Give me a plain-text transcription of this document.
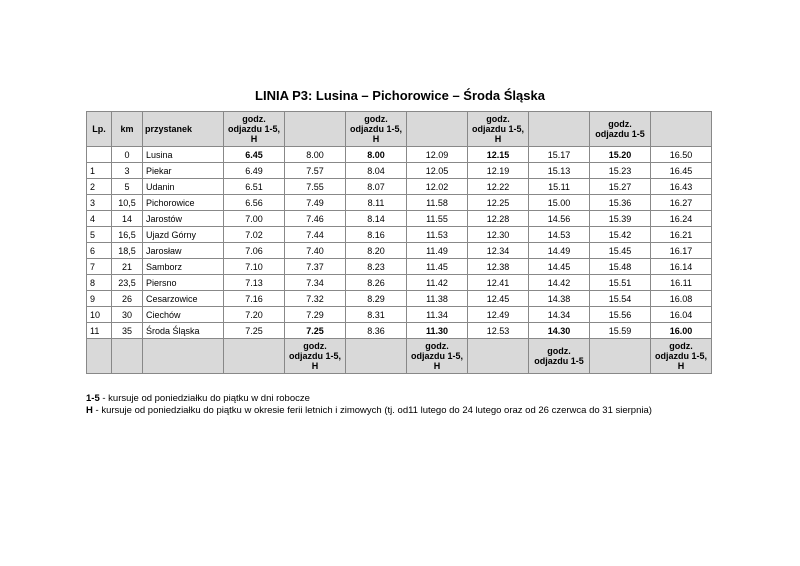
LINIA P3: Lusina – Pichorowice – Środa Śląska
Lp.	km	przystanek	godz. odjazdu 1-5, H		godz. odjazdu 1-5, H		godz. odjazdu 1-5, H		godz. odjazdu 1-5	
	0	Lusina	6.45	8.00	8.00	12.09	12.15	15.17	15.20	16.50
1	3	Piekar	6.49	7.57	8.04	12.05	12.19	15.13	15.23	16.45
2	5	Udanin	6.51	7.55	8.07	12.02	12.22	15.11	15.27	16.43
3	10,5	Pichorowice	6.56	7.49	8.11	11.58	12.25	15.00	15.36	16.27
4	14	Jarostów	7.00	7.46	8.14	11.55	12.28	14.56	15.39	16.24
5	16,5	Ujazd Górny	7.02	7.44	8.16	11.53	12.30	14.53	15.42	16.21
6	18,5	Jarosław	7.06	7.40	8.20	11.49	12.34	14.49	15.45	16.17
7	21	Samborz	7.10	7.37	8.23	11.45	12.38	14.45	15.48	16.14
8	23,5	Piersno	7.13	7.34	8.26	11.42	12.41	14.42	15.51	16.11
9	26	Cesarzowice	7.16	7.32	8.29	11.38	12.45	14.38	15.54	16.08
10	30	Ciechów	7.20	7.29	8.31	11.34	12.49	14.34	15.56	16.04
11	35	Środa Śląska	7.25	7.25	8.36	11.30	12.53	14.30	15.59	16.00
				godz. odjazdu 1-5, H		godz. odjazdu 1-5, H		godz. odjazdu 1-5		godz. odjazdu 1-5, H
1-5 - kursuje od poniedziałku do piątku w dni robocze
H - kursuje od poniedziałku do piątku w okresie ferii letnich i zimowych (tj. od11 lutego do 24 lutego oraz od 26 czerwca do 31 sierpnia)
